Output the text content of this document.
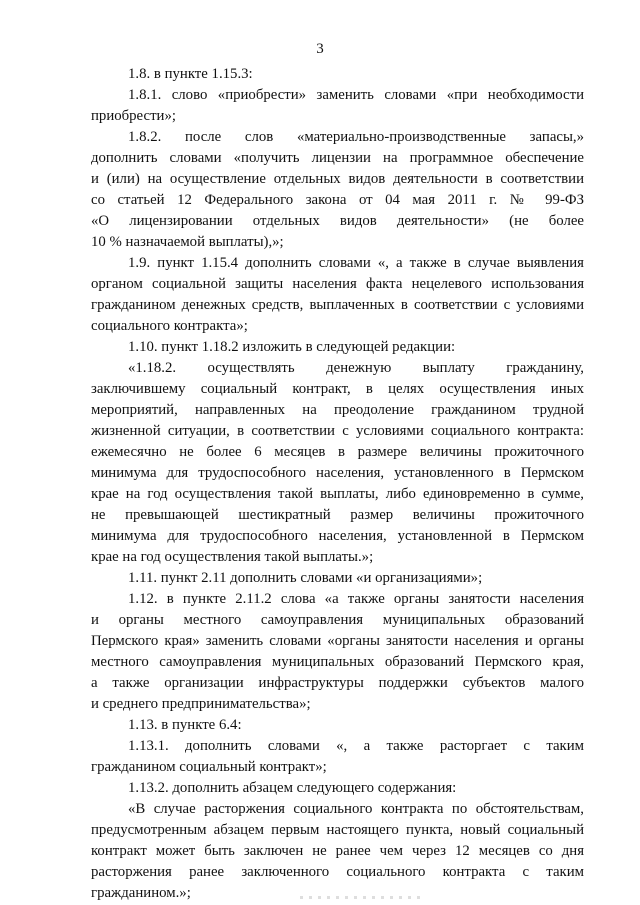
3
1.8. в пункте 1.15.3:
1.8.1. слово «приобрести» заменить словами «при необходимости
приобрести»;
1.8.2. после слов «материально-производственные запасы,»
дополнить словами «получить лицензии на программное обеспечение
и (или) на осуществление отдельных видов деятельности в соответствии
со статьей 12 Федерального закона от 04 мая 2011 г. № 99-ФЗ
«О лицензировании отдельных видов деятельности» (не более
10 % назначаемой выплаты),»;
1.9. пункт 1.15.4 дополнить словами «, а также в случае выявления
органом социальной защиты населения факта нецелевого использования
гражданином денежных средств, выплаченных в соответствии с условиями
социального контракта»;
1.10. пункт 1.18.2 изложить в следующей редакции:
«1.18.2. осуществлять денежную выплату гражданину,
заключившему социальный контракт, в целях осуществления иных
мероприятий, направленных на преодоление гражданином трудной
жизненной ситуации, в соответствии с условиями социального контракта:
ежемесячно не более 6 месяцев в размере величины прожиточного
минимума для трудоспособного населения, установленного в Пермском
крае на год осуществления такой выплаты, либо единовременно в сумме,
не превышающей шестикратный размер величины прожиточного
минимума для трудоспособного населения, установленной в Пермском
крае на год осуществления такой выплаты.»;
1.11. пункт 2.11 дополнить словами «и организациями»;
1.12. в пункте 2.11.2 слова «а также органы занятости населения
и органы местного самоуправления муниципальных образований
Пермского края» заменить словами «органы занятости населения и органы
местного самоуправления муниципальных образований Пермского края,
а также организации инфраструктуры поддержки субъектов малого
и среднего предпринимательства»;
1.13. в пункте 6.4:
1.13.1. дополнить словами «, а также расторгает с таким
гражданином социальный контракт»;
1.13.2. дополнить абзацем следующего содержания:
«В случае расторжения социального контракта по обстоятельствам,
предусмотренным абзацем первым настоящего пункта, новый социальный
контракт может быть заключен не ранее чем через 12 месяцев со дня
расторжения ранее заключенного социального контракта с таким
гражданином.»;
